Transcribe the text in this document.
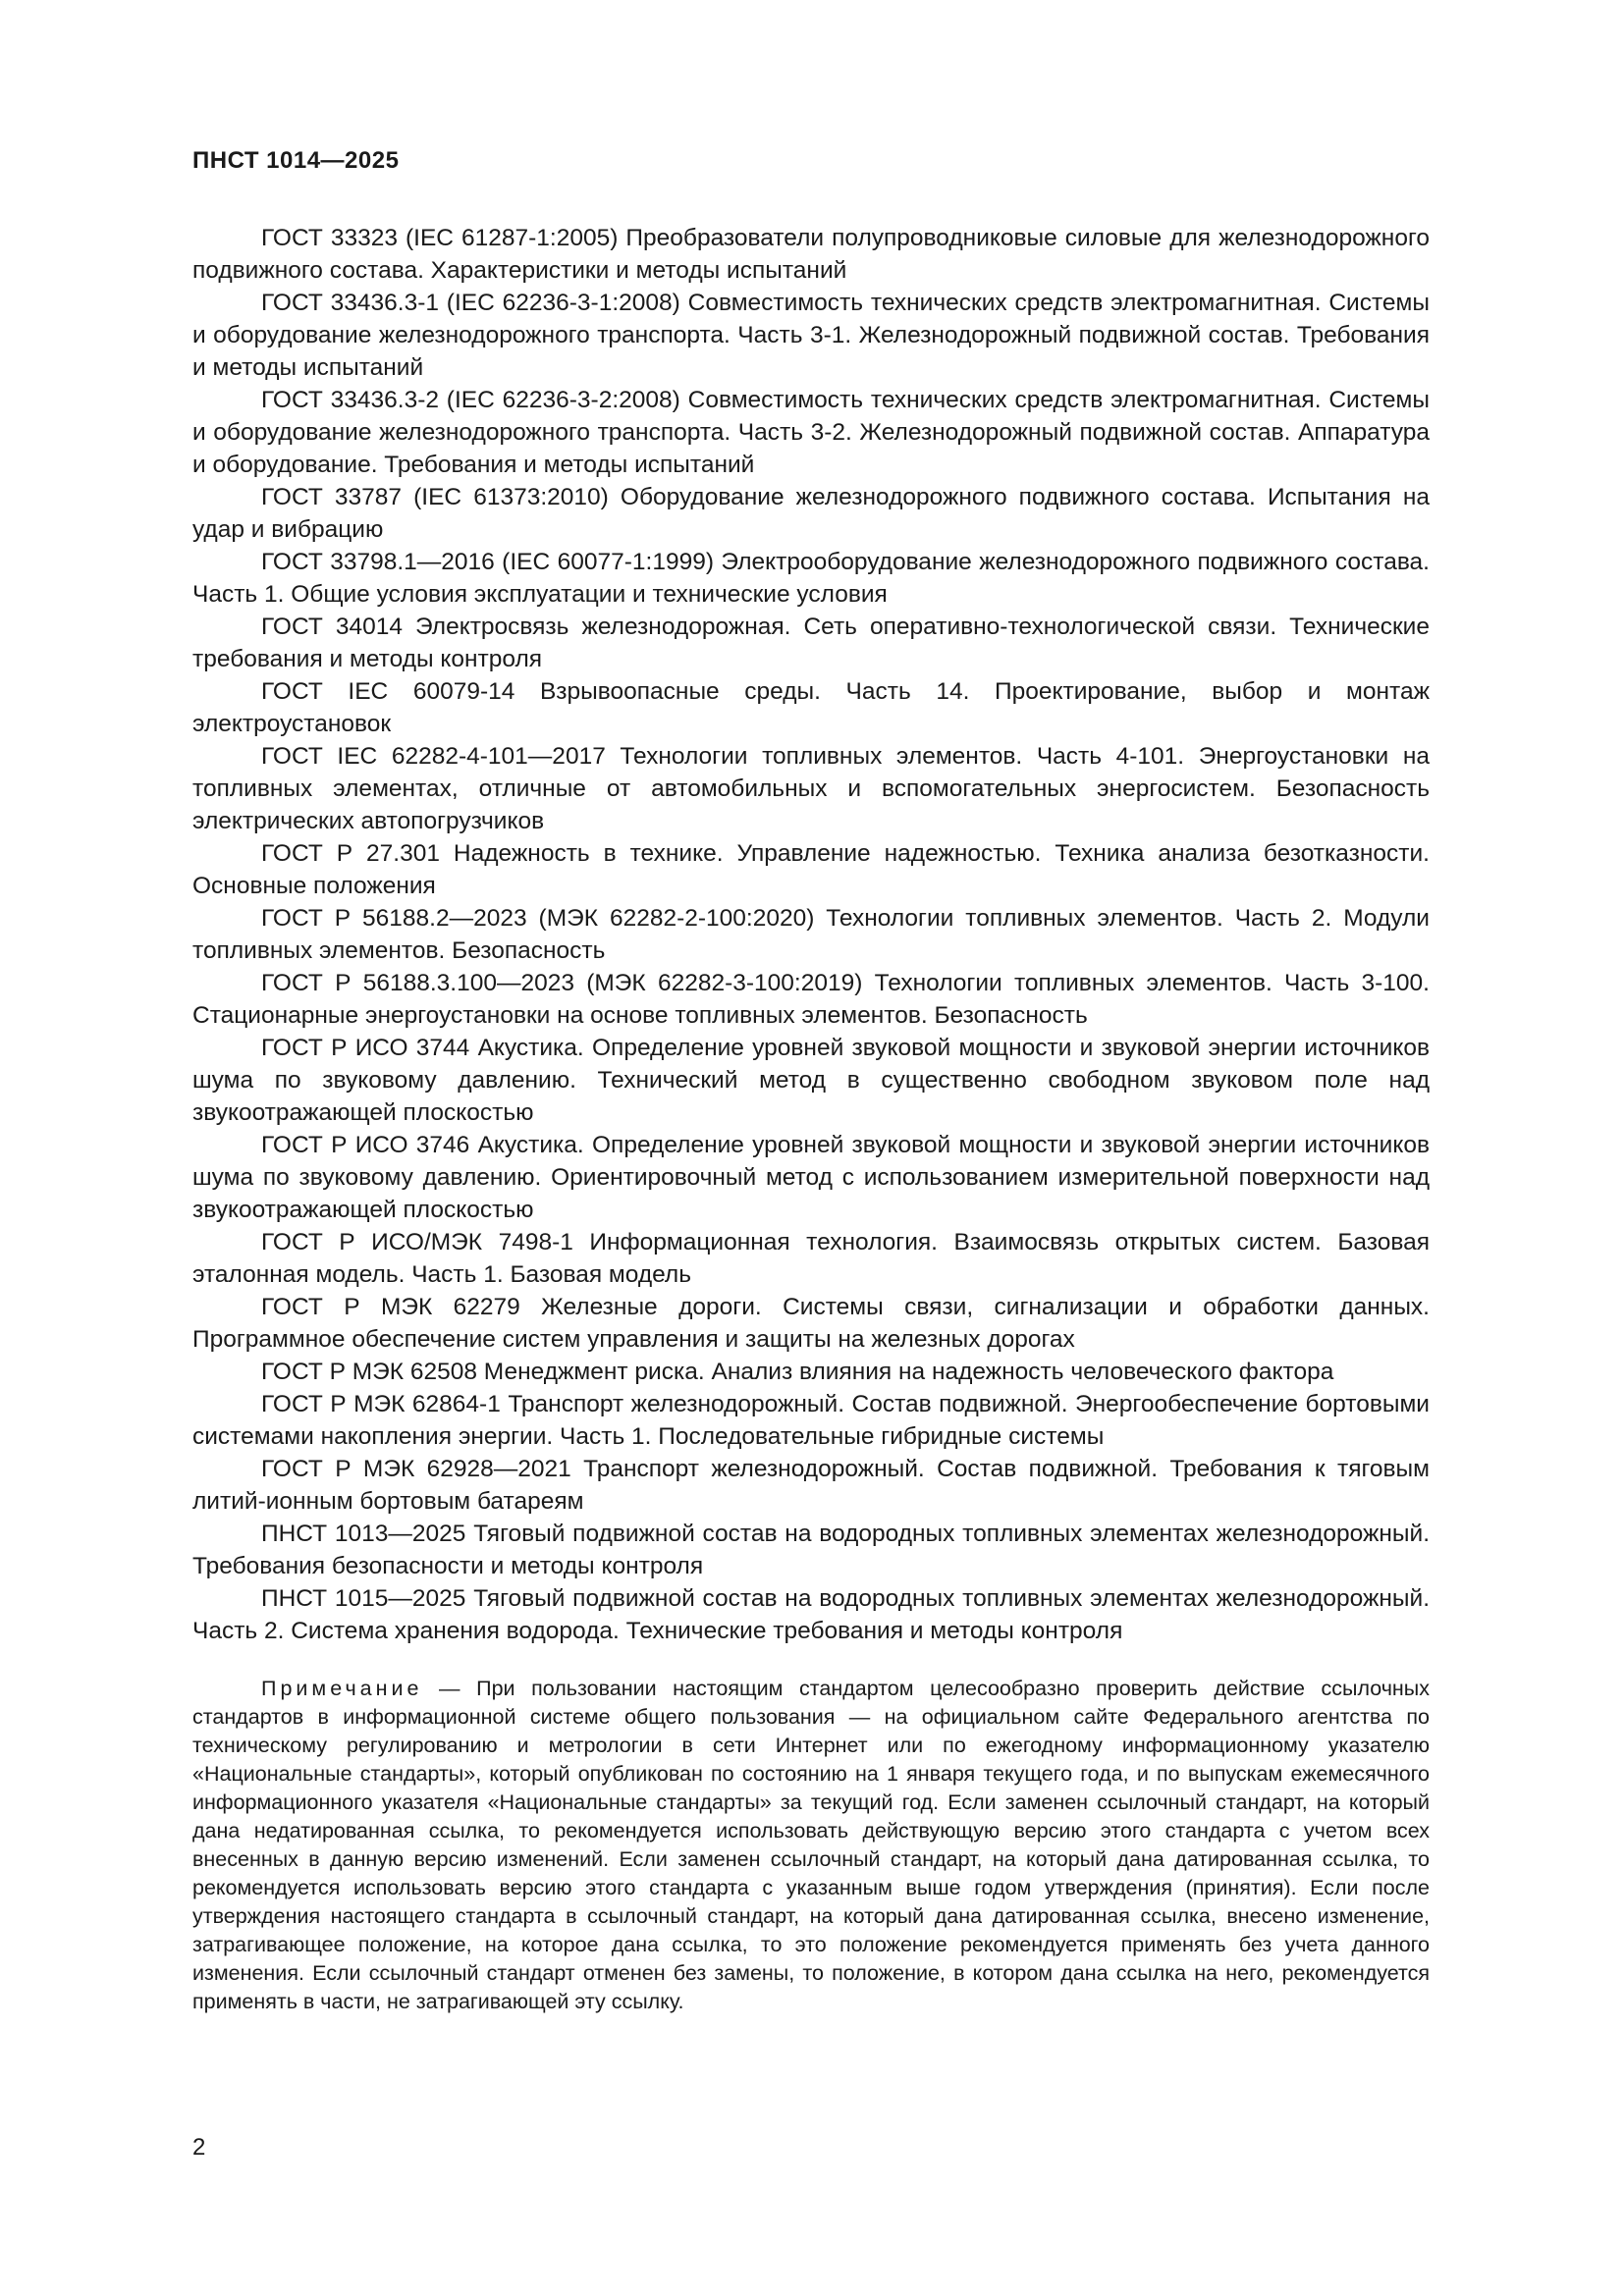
ПНСТ 1014—2025

ГОСТ 33323 (IEC 61287-1:2005) Преобразователи полупроводниковые силовые для железнодорожного подвижного состава. Характеристики и методы испытаний

ГОСТ 33436.3-1 (IEC 62236-3-1:2008) Совместимость технических средств электромагнитная. Системы и оборудование железнодорожного транспорта. Часть 3-1. Железнодорожный подвижной состав. Требования и методы испытаний

ГОСТ 33436.3-2 (IEC 62236-3-2:2008) Совместимость технических средств электромагнитная. Системы и оборудование железнодорожного транспорта. Часть 3-2. Железнодорожный подвижной состав. Аппаратура и оборудование. Требования и методы испытаний

ГОСТ 33787 (IEC 61373:2010) Оборудование железнодорожного подвижного состава. Испытания на удар и вибрацию

ГОСТ 33798.1—2016 (IEC 60077-1:1999) Электрооборудование железнодорожного подвижного состава. Часть 1. Общие условия эксплуатации и технические условия

ГОСТ 34014 Электросвязь железнодорожная. Сеть оперативно-технологической связи. Технические требования и методы контроля

ГОСТ IEC 60079-14 Взрывоопасные среды. Часть 14. Проектирование, выбор и монтаж электроустановок

ГОСТ IEC 62282-4-101—2017 Технологии топливных элементов. Часть 4-101. Энергоустановки на топливных элементах, отличные от автомобильных и вспомогательных энергосистем. Безопасность электрических автопогрузчиков

ГОСТ Р 27.301 Надежность в технике. Управление надежностью. Техника анализа безотказности. Основные положения

ГОСТ Р 56188.2—2023 (МЭК 62282-2-100:2020) Технологии топливных элементов. Часть 2. Модули топливных элементов. Безопасность

ГОСТ Р 56188.3.100—2023 (МЭК 62282-3-100:2019) Технологии топливных элементов. Часть 3-100. Стационарные энергоустановки на основе топливных элементов. Безопасность

ГОСТ Р ИСО 3744 Акустика. Определение уровней звуковой мощности и звуковой энергии источников шума по звуковому давлению. Технический метод в существенно свободном звуковом поле над звукоотражающей плоскостью

ГОСТ Р ИСО 3746 Акустика. Определение уровней звуковой мощности и звуковой энергии источников шума по звуковому давлению. Ориентировочный метод с использованием измерительной поверхности над звукоотражающей плоскостью

ГОСТ Р ИСО/МЭК 7498-1 Информационная технология. Взаимосвязь открытых систем. Базовая эталонная модель. Часть 1. Базовая модель

ГОСТ Р МЭК 62279 Железные дороги. Системы связи, сигнализации и обработки данных. Программное обеспечение систем управления и защиты на железных дорогах

ГОСТ Р МЭК 62508 Менеджмент риска. Анализ влияния на надежность человеческого фактора

ГОСТ Р МЭК 62864-1 Транспорт железнодорожный. Состав подвижной. Энергообеспечение бортовыми системами накопления энергии. Часть 1. Последовательные гибридные системы

ГОСТ Р МЭК 62928—2021 Транспорт железнодорожный. Состав подвижной. Требования к тяговым литий-ионным бортовым батареям

ПНСТ 1013—2025 Тяговый подвижной состав на водородных топливных элементах железнодорожный. Требования безопасности и методы контроля

ПНСТ 1015—2025 Тяговый подвижной состав на водородных топливных элементах железнодорожный. Часть 2. Система хранения водорода. Технические требования и методы контроля

Примечание — При пользовании настоящим стандартом целесообразно проверить действие ссылочных стандартов в информационной системе общего пользования — на официальном сайте Федерального агентства по техническому регулированию и метрологии в сети Интернет или по ежегодному информационному указателю «Национальные стандарты», который опубликован по состоянию на 1 января текущего года, и по выпускам ежемесячного информационного указателя «Национальные стандарты» за текущий год. Если заменен ссылочный стандарт, на который дана недатированная ссылка, то рекомендуется использовать действующую версию этого стандарта с учетом всех внесенных в данную версию изменений. Если заменен ссылочный стандарт, на который дана датированная ссылка, то рекомендуется использовать версию этого стандарта с указанным выше годом утверждения (принятия). Если после утверждения настоящего стандарта в ссылочный стандарт, на который дана датированная ссылка, внесено изменение, затрагивающее положение, на которое дана ссылка, то это положение рекомендуется применять без учета данного изменения. Если ссылочный стандарт отменен без замены, то положение, в котором дана ссылка на него, рекомендуется применять в части, не затрагивающей эту ссылку.

2
